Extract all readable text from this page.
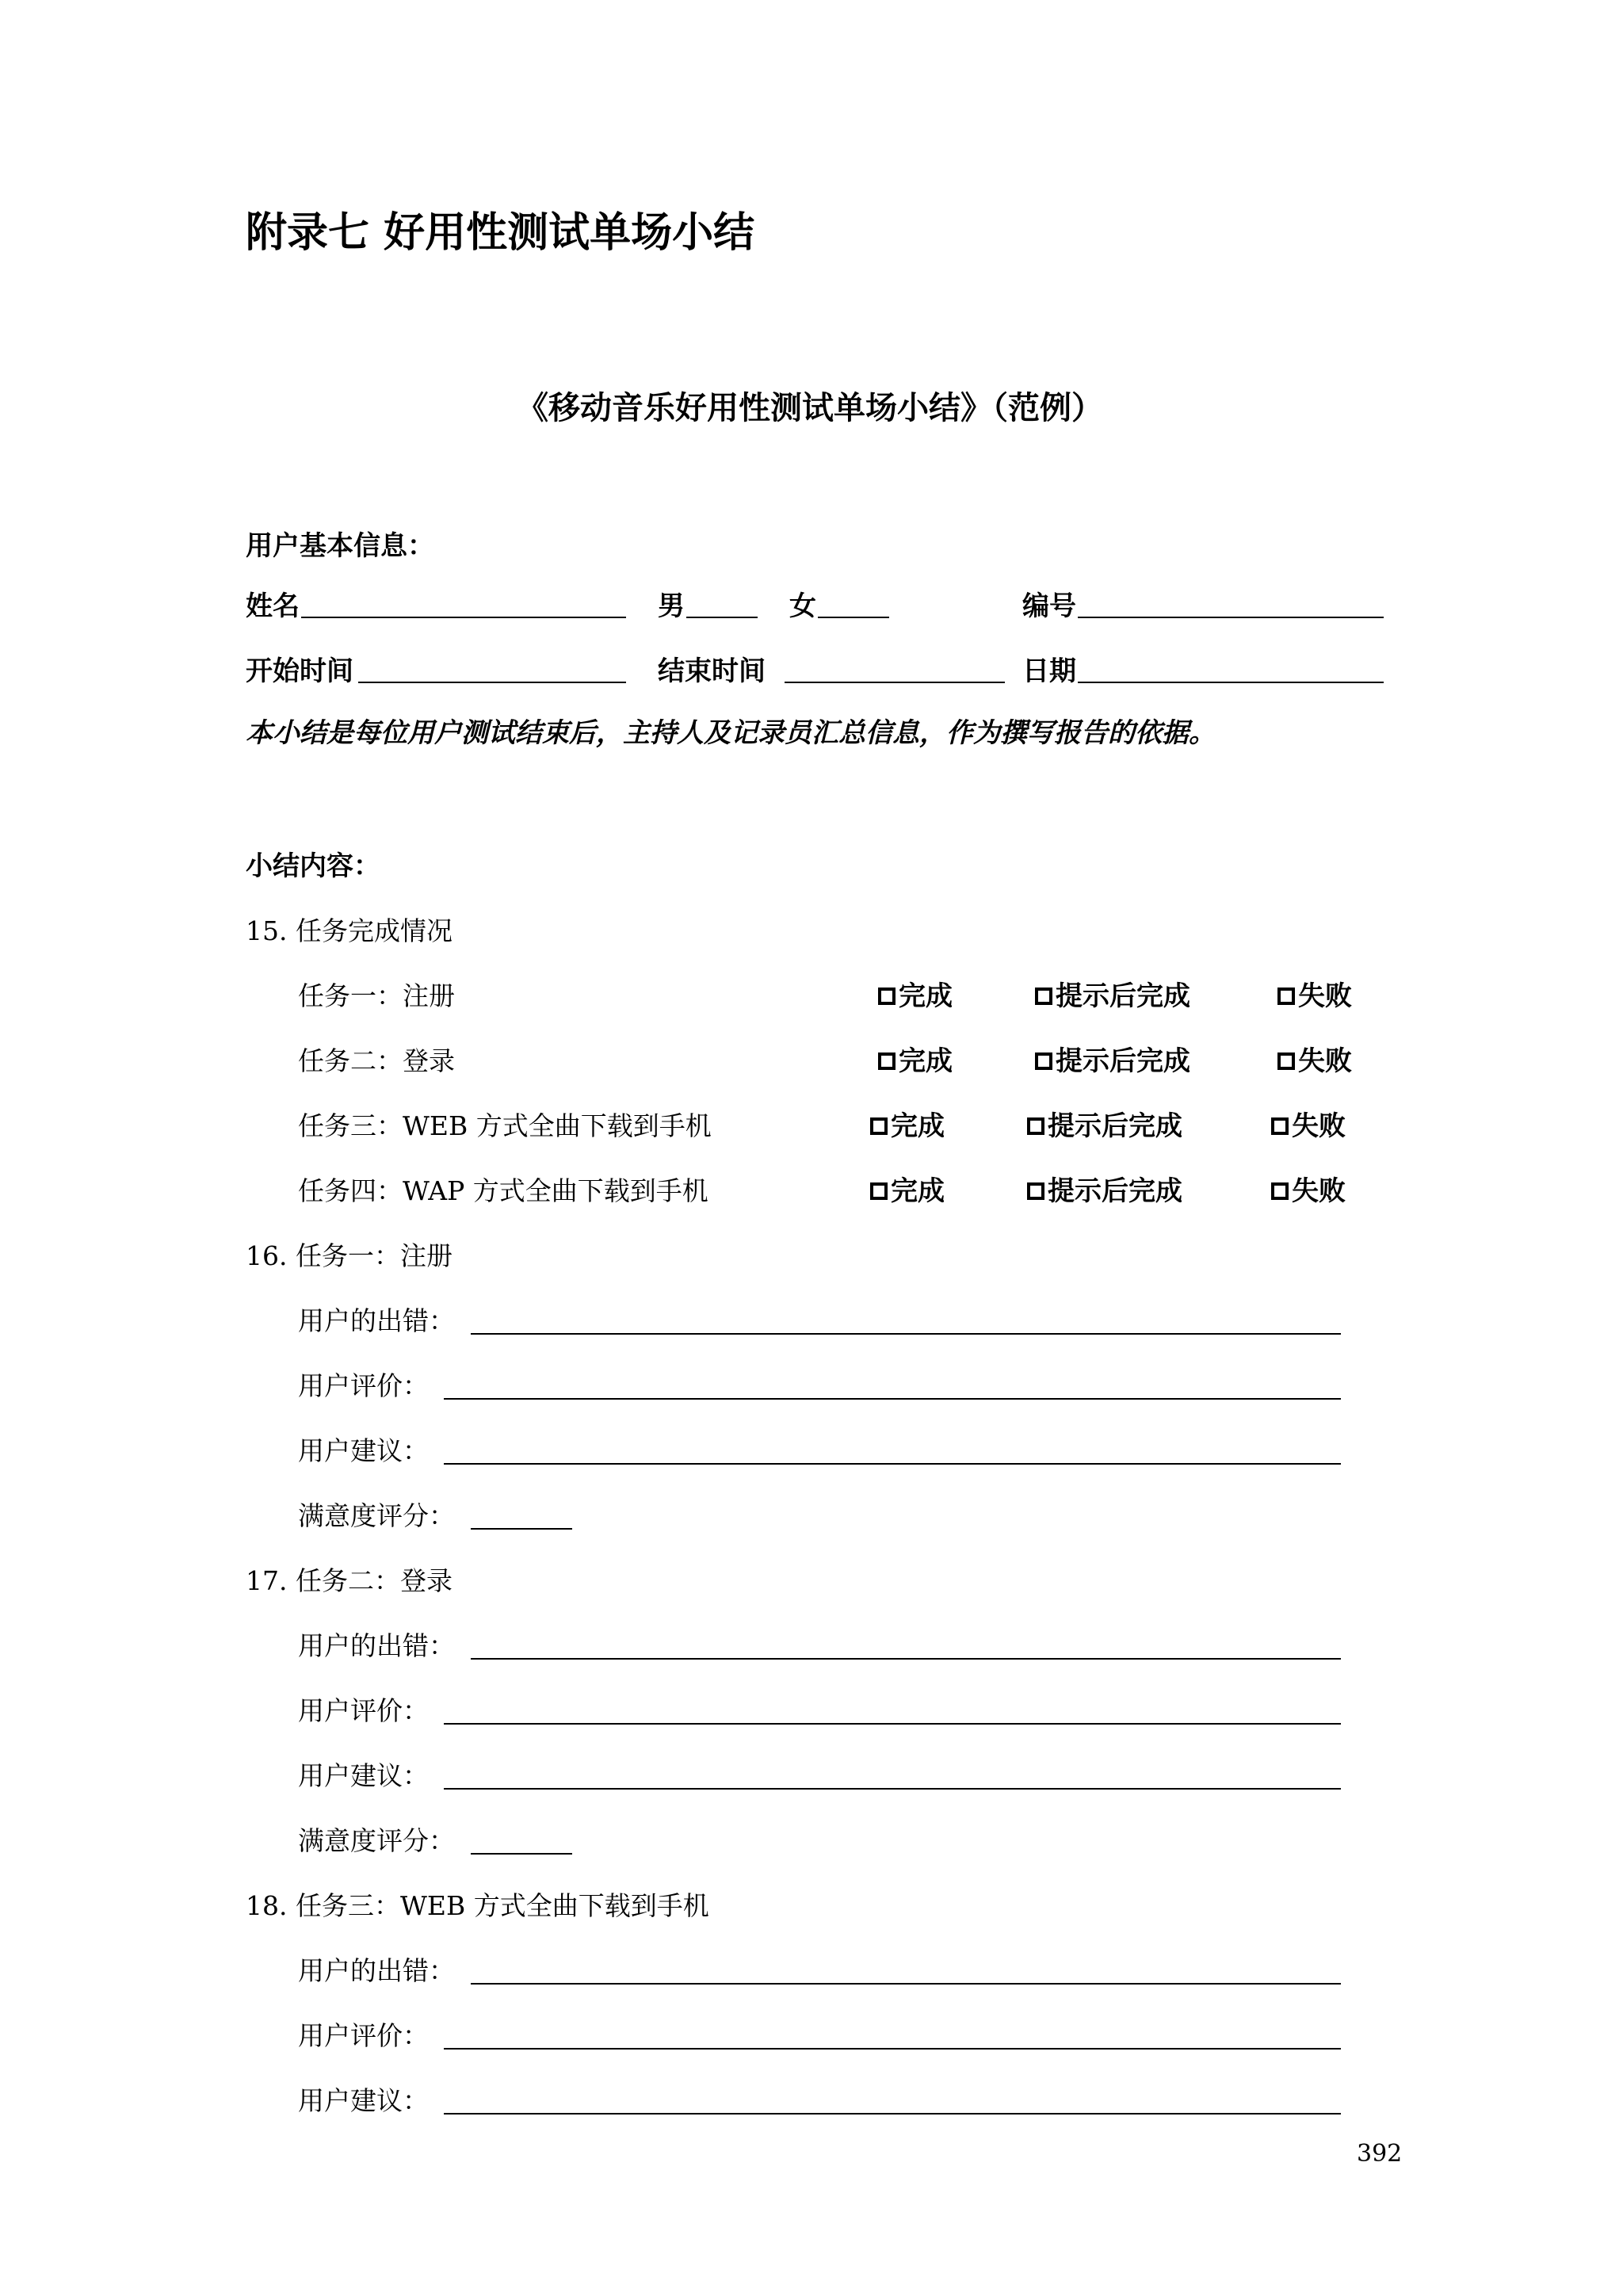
附录七 好用性测试单场小结
《移动音乐好用性测试单场小结》（范例）
用户基本信息：
姓名	男	女	编号
开始时间	结束时间	日期
本小结是每位用户测试结束后，主持人及记录员汇总信息，作为撰写报告的依据。
小结内容：
15. 任务完成情况
任务一：注册	完成	提示后完成	失败
任务二：登录	完成	提示后完成	失败
任务三：WEB 方式全曲下载到手机	完成	提示后完成	失败
任务四：WAP 方式全曲下载到手机	完成	提示后完成	失败
16. 任务一：注册
用户的出错：
用户评价：
用户建议：
满意度评分：
17. 任务二：登录
用户的出错：
用户评价：
用户建议：
满意度评分：
18. 任务三：WEB 方式全曲下载到手机
用户的出错：
用户评价：
用户建议：
392
